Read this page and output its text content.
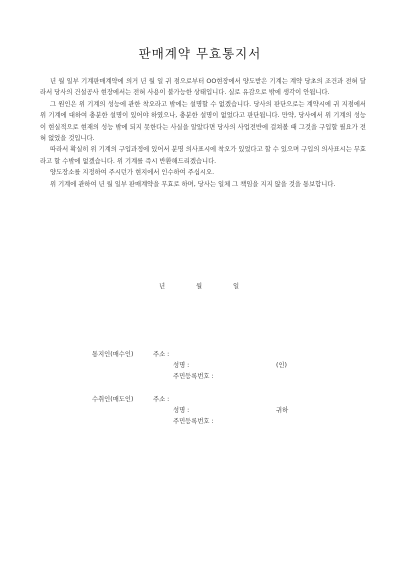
판매계약 무효통지서

년 월 일부 기계판매계약에 의거 년 월 일 귀 점으로부터 OO현장에서 양도받은 기계는 계약 당초의 조건과 전혀 달라서 당사의 건설공사 현장에서는 전혀 사용이 불가능한 상태입니다. 실로 유감으로 밖에 생각이 안됩니다.

그 원인은 위 기계의 성능에 관한 착오라고 밖에는 설명할 수 없겠습니다. 당사의 판단으로는 계약시에 귀 지점에서 위 기계에 대하여 충분한 설명이 있어야 하였으나, 충분한 설명이 없었다고 판단됩니다. 만약, 당사에서 위 기계의 성능이 현실적으로 현재의 성능 밖에 되지 못한다는 사실을 알았다면 당사의 사업전반에 걸쳐볼 때 그것을 구입할 필요가 전혀 없었을 것입니다.

따라서 확실히 위 기계의 구입과정에 있어서 분명 의사표시에 착오가 있었다고 할 수 있으며 구입의 의사표시는 무효라고 할 수밖에 없겠습니다. 위 기계를 즉시 반환해드리겠습니다.

양도장소를 지정하여 주시던가 현지에서 인수하여 주십시오.

위 기계에 관하여 년 월 일부 판매계약을 무효로 하며, 당사는 일체 그 책임을 지지 않을 것을 통보합니다.

년	월	일
통지인(매수인)	주소 :
성명 :	(인)
주민등록번호 :
수취인(매도인)	주소 :
성명 :	귀하
주민등록번호 :
